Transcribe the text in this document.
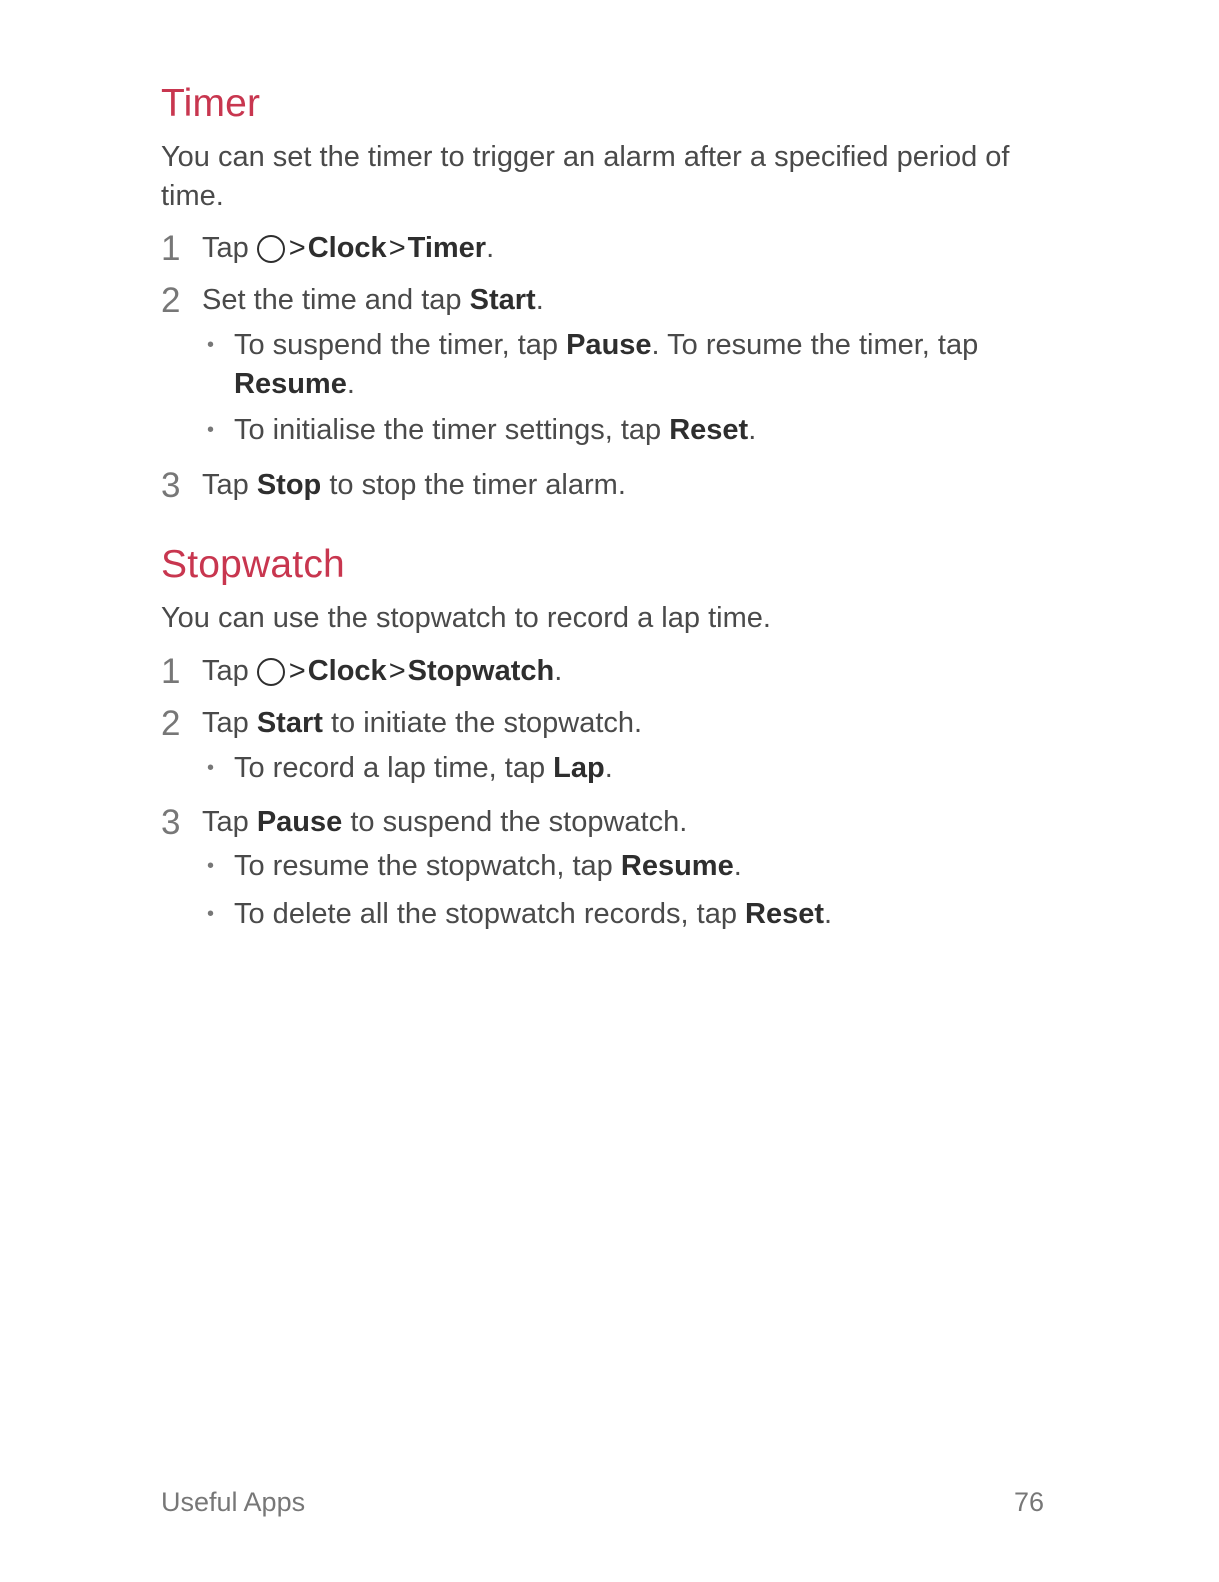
Timer

You can set the timer to trigger an alarm after a specified period of time.

1 Tap >Clock>Timer.
2 Set the time and tap Start.
• To suspend the timer, tap Pause. To resume the timer, tap Resume.
• To initialise the timer settings, tap Reset.
3 Tap Stop to stop the timer alarm.
Stopwatch

You can use the stopwatch to record a lap time.

1 Tap >Clock>Stopwatch.
2 Tap Start to initiate the stopwatch.
• To record a lap time, tap Lap.
3 Tap Pause to suspend the stopwatch.
• To resume the stopwatch, tap Resume.
• To delete all the stopwatch records, tap Reset.
Useful Apps	76
